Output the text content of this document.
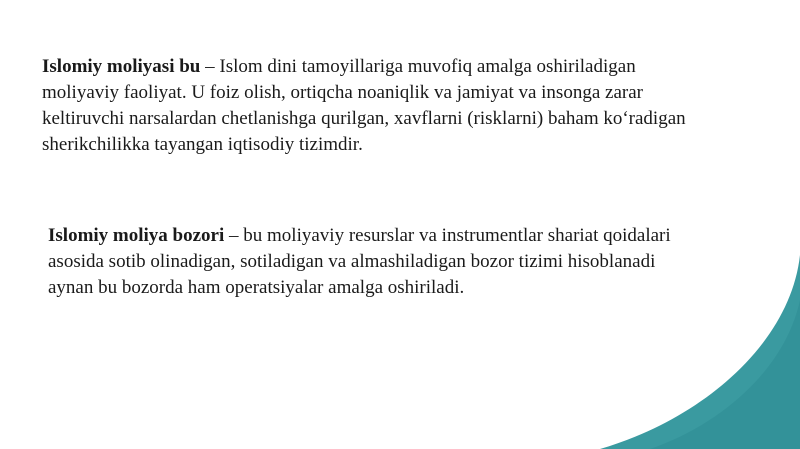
Islomiy moliyasi bu – Islom dini tamoyillariga muvofiq amalga oshiriladigan
moliyaviy faoliyat. U foiz olish, ortiqcha noaniqlik va jamiyat va insonga zarar
keltiruvchi narsalardan chetlanishga qurilgan, xavflarni (risklarni) baham ko‘radigan
sherikchilikka tayangan iqtisodiy tizimdir.

Islomiy moliya bozori – bu moliyaviy resurslar va instrumentlar shariat qoidalari
asosida sotib olinadigan, sotiladigan va almashiladigan bozor tizimi hisoblanadi
aynan bu bozorda ham operatsiyalar amalga oshiriladi.
